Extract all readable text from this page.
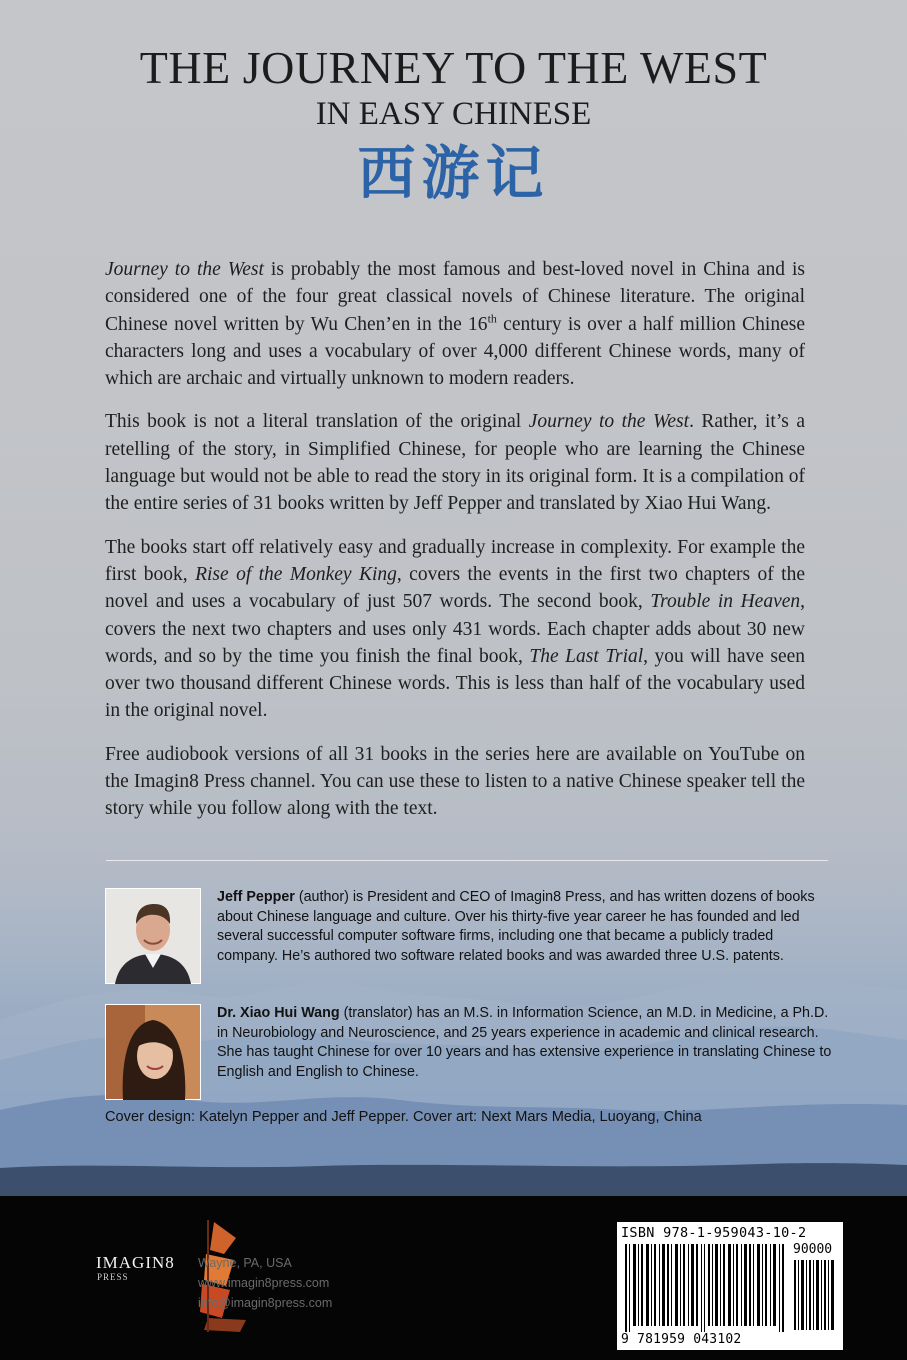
THE JOURNEY TO THE WEST
IN EASY CHINESE
西游记

Journey to the West is probably the most famous and best-loved novel in China and is considered one of the four great classical novels of Chinese literature. The original Chinese novel written by Wu Chen’en in the 16th century is over a half million Chinese characters long and uses a vocabulary of over 4,000 different Chinese words, many of which are archaic and virtually unknown to modern readers.

This book is not a literal translation of the original Journey to the West. Rather, it’s a retelling of the story, in Simplified Chinese, for people who are learning the Chinese language but would not be able to read the story in its original form. It is a compilation of the entire series of 31 books written by Jeff Pepper and translated by Xiao Hui Wang.

The books start off relatively easy and gradually increase in complexity. For example the first book, Rise of the Monkey King, covers the events in the first two chapters of the novel and uses a vocabulary of just 507 words. The second book, Trouble in Heaven, covers the next two chapters and uses only 431 words. Each chapter adds about 30 new words, and so by the time you finish the final book, The Last Trial, you will have seen over two thousand different Chinese words. This is less than half of the vocabulary used in the original novel.

Free audiobook versions of all 31 books in the series here are available on YouTube on the Imagin8 Press channel. You can use these to listen to a native Chinese speaker tell the story while you follow along with the text.

Jeff Pepper (author) is President and CEO of Imagin8 Press, and has written dozens of books about Chinese language and culture. Over his thirty-five year career he has founded and led several successful computer software firms, including one that became a publicly traded company. He’s authored two software related books and was awarded three U.S. patents.
Dr. Xiao Hui Wang (translator) has an M.S. in Information Science, an M.D. in Medicine, a Ph.D. in Neurobiology and Neuroscience, and 25 years experience in academic and clinical research. She has taught Chinese for over 10 years and has extensive experience in translating Chinese to English and English to Chinese.
Cover design: Katelyn Pepper and Jeff Pepper. Cover art: Next Mars Media, Luoyang, China
IMAGIN8
PRESS
Wayne, PA, USA
www.imagin8press.com
info@imagin8press.com
ISBN 978-1-959043-10-2
90000
9 781959 043102
